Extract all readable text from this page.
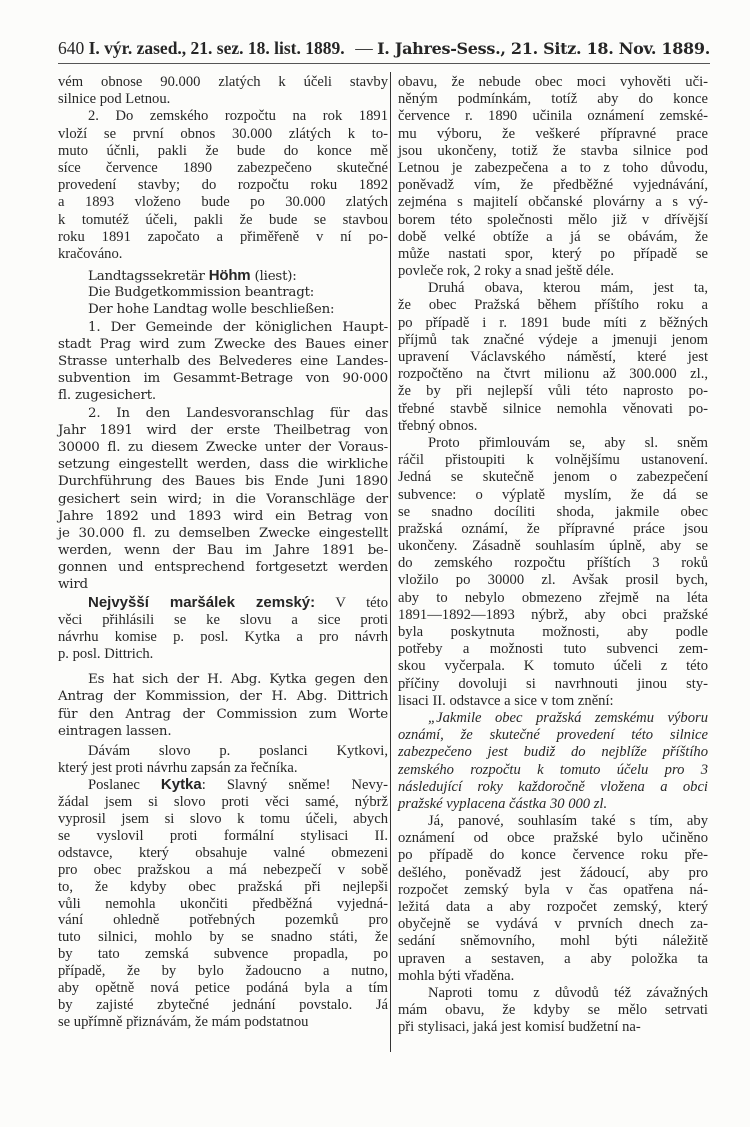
640 I. výr. zased., 21. sez. 18. list. 1889. — I. Jahres-Sess., 21. Sitz. 18. Nov. 1889.
vém obnose 90.000 zlatých k účeli stavby
silnice pod Letnou.
2. Do zemského rozpočtu na rok 1891
vloží se první obnos 30.000 zlátých k to-
muto účnli, pakli že bude do konce mě
síce července 1890 zabezpečeno skutečné
provedení stavby; do rozpočtu roku 1892
a 1893 vloženo bude po 30.000 zlatých
k tomutéž účeli, pakli že bude se stavbou
roku 1891 započato a přiměřeně v ní po-
kračováno.
Landtagssekretär Höhm (liest):
Die Budgetkommission beantragt:
Der hohe Landtag wolle beschließen:
1. Der Gemeinde der königlichen Haupt-
stadt Prag wird zum Zwecke des Baues einer
Strasse unterhalb des Belvederes eine Landes-
subvention im Gesammt-Betrage von 90·000
fl. zugesichert.
2. In den Landesvoranschlag für das
Jahr 1891 wird der erste Theilbetrag von
30000 fl. zu diesem Zwecke unter der Voraus-
setzung eingestellt werden, dass die wirkliche
Durchführung des Baues bis Ende Juni 1890
gesichert sein wird; in die Voranschläge der
Jahre 1892 und 1893 wird ein Betrag von
je 30.000 fl. zu demselben Zwecke eingestellt
werden, wenn der Bau im Jahre 1891 be-
gonnen und entsprechend fortgesetzt werden wird
Nejvyšší maršálek zemský: V této
věci přihlásili se ke slovu a sice proti
návrhu komise p. posl. Kytka a pro návrh
p. posl. Dittrich.
Es hat sich der H. Abg. Kytka gegen den
Antrag der Kommission, der H. Abg. Dittrich
für den Antrag der Commission zum Worte
eintragen lassen.
Dávám slovo p. poslanci Kytkovi,
který jest proti návrhu zapsán za řečníka.
Poslanec Kytka: Slavný sněme! Nevy-
žádal jsem si slovo proti věci samé, nýbrž
vyprosil jsem si slovo k tomu účeli, abych
se vyslovil proti formální stylisaci II.
odstavce, který obsahuje valné obmezeni
pro obec pražskou a má nebezpečí v sobě
to, že kdyby obec pražská při nejlepši
vůli nemohla ukončiti předběžná vyjedná-
vání ohledně potřebných pozemků pro
tuto silnici, mohlo by se snadno státi, že
by tato zemská subvence propadla, po
případě, že by bylo žadoucno a nutno,
aby opětně nová petice podáná byla a tím
by zajisté zbytečné jednání povstalo. Já
se upřímně přiznávám, že mám podstatnou
obavu, že nebude obec moci vyhověti uči-
něným podmínkám, totíž aby do konce
července r. 1890 učinila oznámení zemské-
mu výboru, že veškeré přípravné prace
jsou ukončeny, totiž že stavba silnice pod
Letnou je zabezpečena a to z toho důvodu,
poněvadž vím, že předběžné vyjednávání,
zejména s majitelí občanské plovárny a s vý-
borem této společnosti mělo již v dřívější
době velké obtíže a já se obávám, že
může nastati spor, který po případě se
povleče rok, 2 roky a snad ještě déle.
Druhá obava, kterou mám, jest ta,
že obec Pražská během příštího roku a
po případě i r. 1891 bude míti z běžných
příjmů tak značné výdeje a jmenuji jenom
upravení Václavského náměstí, které jest
rozpočtěno na čtvrt milionu až 300.000 zl.,
že by při nejlepší vůli této naprosto po-
třebné stavbě silnice nemohla věnovati po-
třebný obnos.
Proto přimlouvám se, aby sl. sněm
ráčil přistoupiti k volnějšímu ustanovení.
Jedná se skutečně jenom o zabezpečení
subvence: o výplatě myslím, že dá se
se snadno docíliti shoda, jakmile obec
pražská oznámí, že přípravné práce jsou
ukončeny. Zásadně souhlasím úplně, aby se
do zemského rozpočtu příštích 3 roků
vložilo po 30000 zl. Avšak prosil bych,
aby to nebylo obmezeno zřejmě na léta
1891—1892—1893 nýbrž, aby obci pražské
byla poskytnuta možnosti, aby podle
potřeby a možnosti tuto subvenci zem-
skou vyčerpala. K tomuto účeli z této
příčiny dovoluji si navrhnouti jinou sty-
lisaci II. odstavce a sice v tom znění:
„Jakmile obec pražská zemskému výboru
oznámí, že skutečné provedení této silnice
zabezpečeno jest budiž do nejblíže příštího
zemského rozpočtu k tomuto účelu pro 3
následující roky každoročně vložena a obci
pražské vyplacena částka 30 000 zl.
Já, panové, souhlasím také s tím, aby
oznámení od obce pražské bylo učiněno
po případě do konce července roku pře-
dešlého, poněvadž jest žádoucí, aby pro
rozpočet zemský byla v čas opatřena ná-
ležitá data a aby rozpočet zemský, který
obyčejně se vydává v prvních dnech za-
sedání sněmovního, mohl býti náležitě
upraven a sestaven, a aby položka ta
mohla býti vřaděna.
Naproti tomu z důvodů též závažných
mám obavu, že kdyby se mělo setrvati
při stylisaci, jaká jest komisí budžetní na-
